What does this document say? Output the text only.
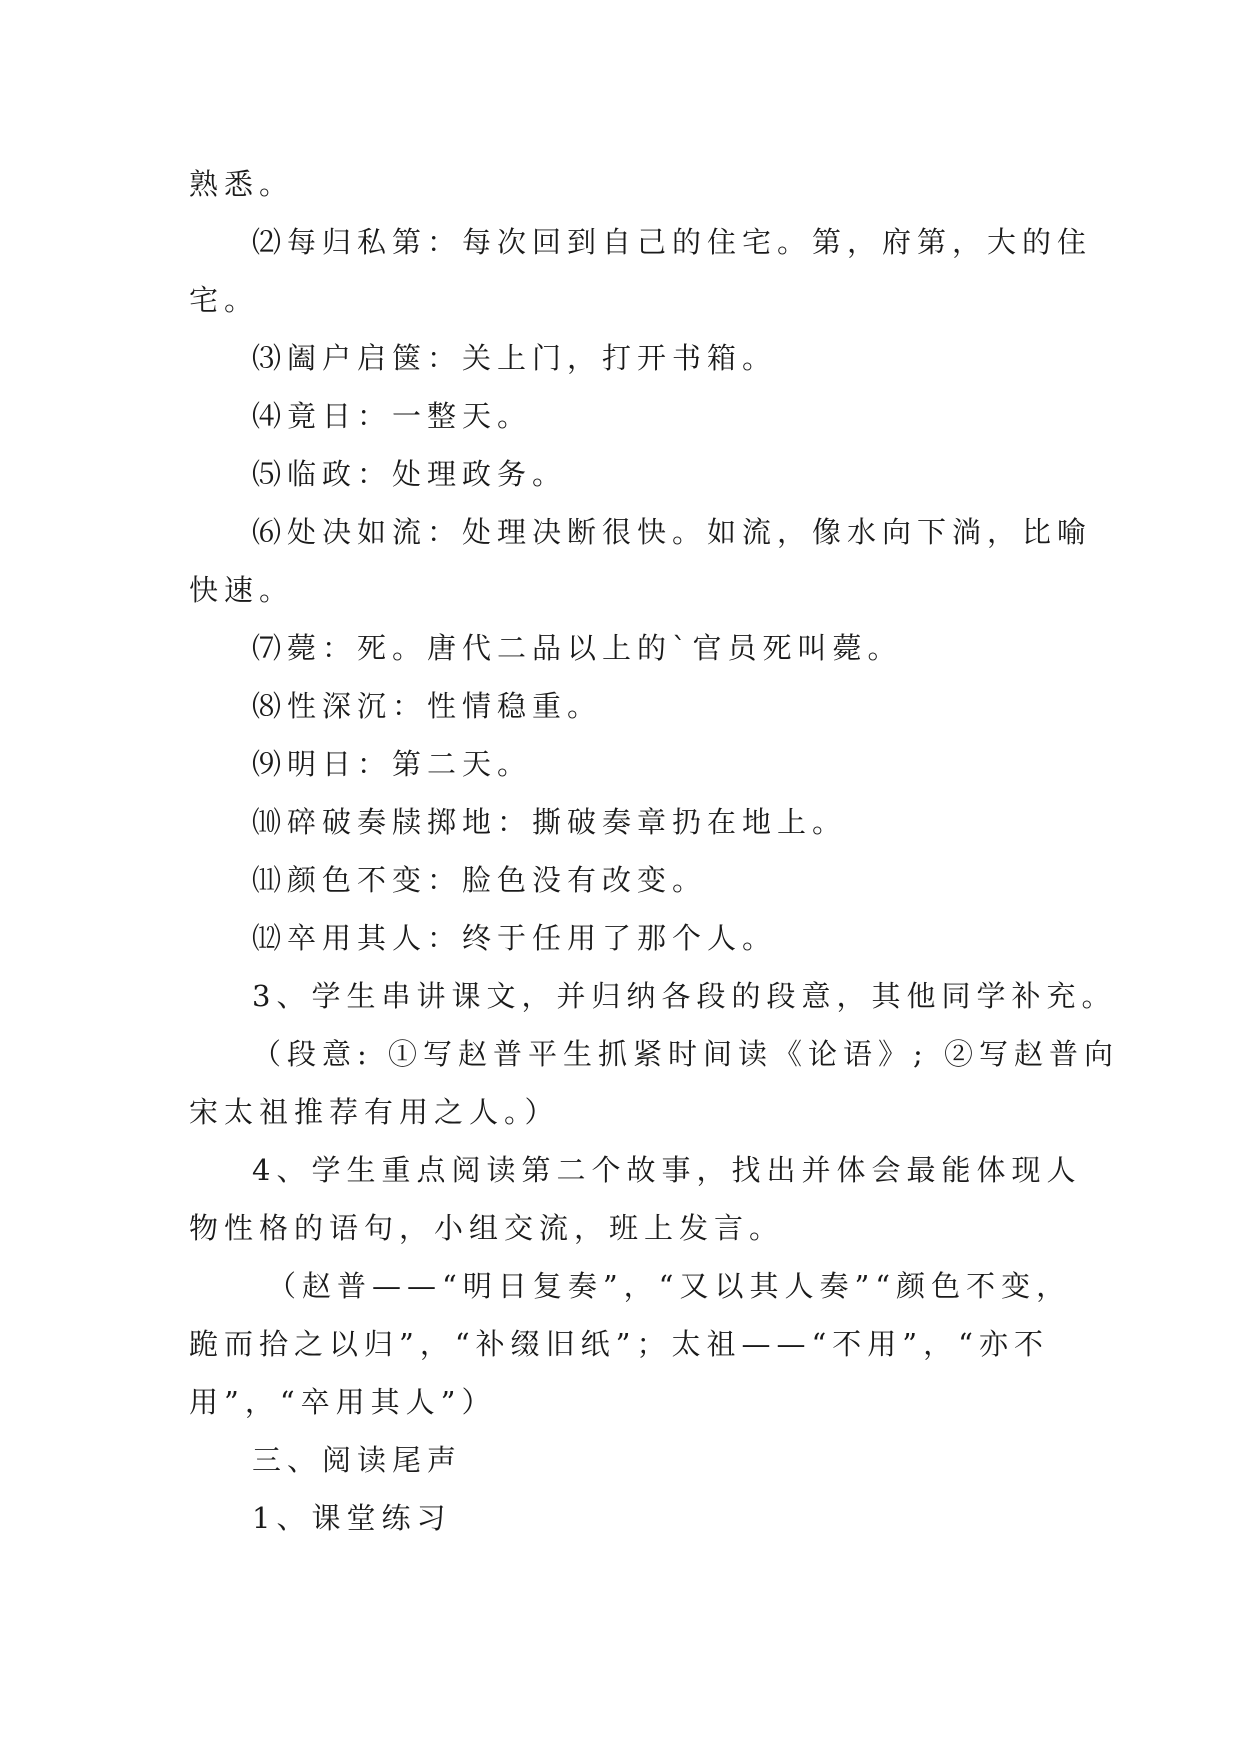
熟悉。
⑵每归私第：每次回到自己的住宅。第，府第，大的住
宅。
⑶阖户启箧：关上门，打开书箱。
⑷竟日：一整天。
⑸临政：处理政务。
⑹处决如流：处理决断很快。如流，像水向下淌，比喻
快速。
⑺薨：死。唐代二品以上的`官员死叫薨。
⑻性深沉：性情稳重。
⑼明日：第二天。
⑽碎破奏牍掷地：撕破奏章扔在地上。
⑾颜色不变：脸色没有改变。
⑿卒用其人：终于任用了那个人。
3、学生串讲课文，并归纳各段的段意，其他同学补充。
（段意: ①写赵普平生抓紧时间读《论语》; ②写赵普向
宋太祖推荐有用之人。）
4、学生重点阅读第二个故事，找出并体会最能体现人
物性格的语句，小组交流，班上发言。
（赵普——“明日复奏”，“又以其人奏”“颜色不变，
跪而拾之以归”，“补缀旧纸”；太祖——“不用”，“亦不
用”，“卒用其人”）
三、阅读尾声
1、课堂练习
